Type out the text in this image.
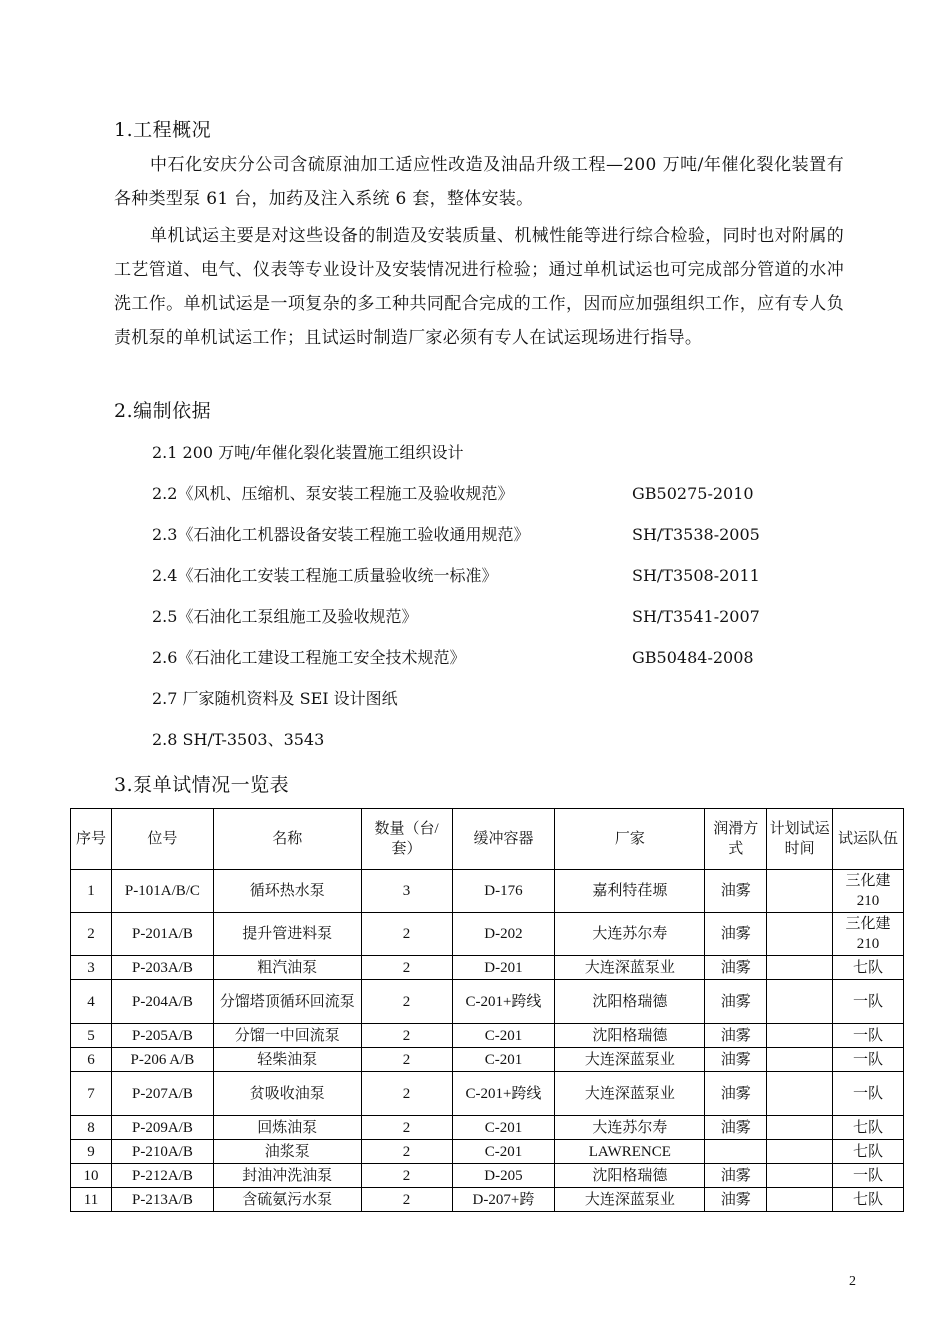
1.工程概况
中石化安庆分公司含硫原油加工适应性改造及油品升级工程—200 万吨/年催化裂化装置有各种类型泵 61 台，加药及注入系统 6 套，整体安装。
单机试运主要是对这些设备的制造及安装质量、机械性能等进行综合检验，同时也对附属的工艺管道、电气、仪表等专业设计及安装情况进行检验；通过单机试运也可完成部分管道的水冲洗工作。单机试运是一项复杂的多工种共同配合完成的工作，因而应加强组织工作，应有专人负责机泵的单机试运工作；且试运时制造厂家必须有专人在试运现场进行指导。
2.编制依据
2.1 200 万吨/年催化裂化装置施工组织设计
2.2《风机、压缩机、泵安装工程施工及验收规范》	GB50275-2010
2.3《石油化工机器设备安装工程施工验收通用规范》	SH/T3538-2005
2.4《石油化工安装工程施工质量验收统一标准》	SH/T3508-2011
2.5《石油化工泵组施工及验收规范》	SH/T3541-2007
2.6《石油化工建设工程施工安全技术规范》	GB50484-2008
2.7 厂家随机资料及 SEI 设计图纸
2.8 SH/T-3503、3543
3.泵单试情况一览表
序号	位号	名称	数量（台/套）	缓冲容器	厂家	润滑方式	计划试运时间	试运队伍
1	P-101A/B/C	循环热水泵	3	D-176	嘉利特荏塬	油雾		三化建210
2	P-201A/B	提升管进料泵	2	D-202	大连苏尔寿	油雾		三化建210
3	P-203A/B	粗汽油泵	2	D-201	大连深蓝泵业	油雾		七队
4	P-204A/B	分馏塔顶循环回流泵	2	C-201+跨线	沈阳格瑞德	油雾		一队
5	P-205A/B	分馏一中回流泵	2	C-201	沈阳格瑞德	油雾		一队
6	P-206 A/B	轻柴油泵	2	C-201	大连深蓝泵业	油雾		一队
7	P-207A/B	贫吸收油泵	2	C-201+跨线	大连深蓝泵业	油雾		一队
8	P-209A/B	回炼油泵	2	C-201	大连苏尔寿	油雾		七队
9	P-210A/B	油浆泵	2	C-201	LAWRENCE			七队
10	P-212A/B	封油冲洗油泵	2	D-205	沈阳格瑞德	油雾		一队
11	P-213A/B	含硫氨污水泵	2	D-207+跨	大连深蓝泵业	油雾		七队
2
